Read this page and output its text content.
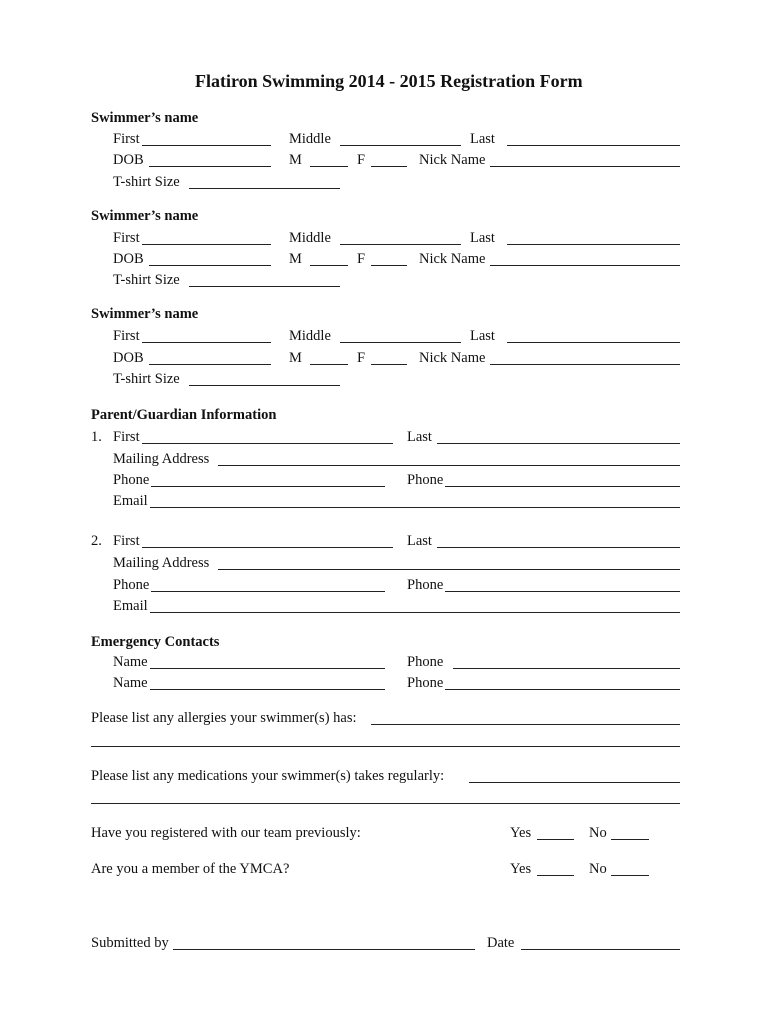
Flatiron Swimming 2014 - 2015 Registration Form
Swimmer’s name
First	Middle	Last
DOB	M	F	Nick Name
T-shirt Size
Swimmer’s name
First	Middle	Last
DOB	M	F	Nick Name
T-shirt Size
Swimmer’s name
First	Middle	Last
DOB	M	F	Nick Name
T-shirt Size
Parent/Guardian Information
1. First	Last
Mailing Address
Phone	Phone
Email
2. First	Last
Mailing Address
Phone	Phone
Email
Emergency Contacts
Name	Phone
Name	Phone
Please list any allergies your swimmer(s) has:
Please list any medications your swimmer(s) takes regularly:
Have you registered with our team previously:	Yes	No
Are you a member of the YMCA?	Yes	No
Submitted by	Date
